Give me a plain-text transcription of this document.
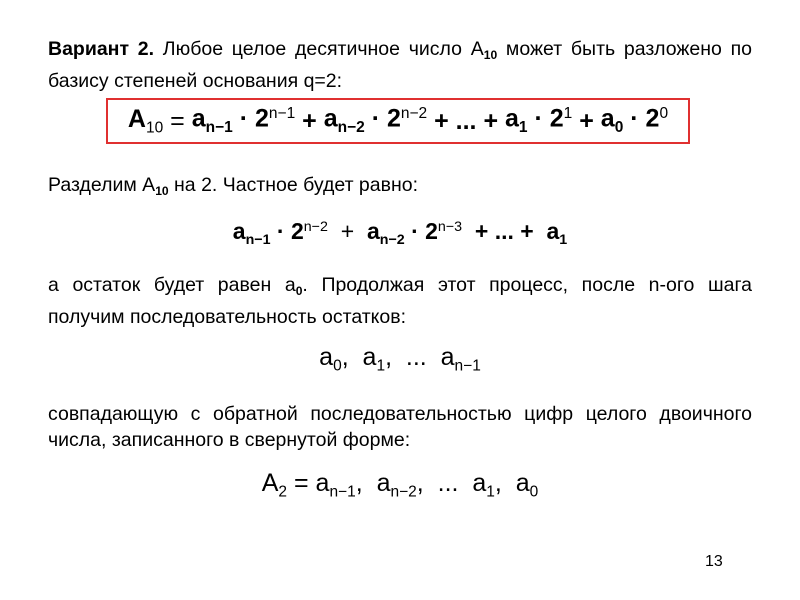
Вариант 2. Любое целое десятичное число $А_{10}$ может быть разложено по базису степеней основания q=2:
$A_{10} = a_{n-1} \cdot 2^{n-1} + a_{n-2} \cdot 2^{n-2}$ + ... + $a_1 \cdot 2^1 + a_0 \cdot 2^0$
Разделим $А_{10}$ на 2. Частное будет равно:
$a_{n-1} \cdot 2^{n-2} + a_{n-2} \cdot 2^{n-3}$  + ... +  $a_1$
а остаток будет равен $а_0$. Продолжая этот процесс, после n-ого шага получим последовательность остатков:
$a_0$,  $a_1$,  ...  $a_{n-1}$
совпадающую с обратной последовательностью цифр целого двоичного числа, записанного в свернутой форме:
$A_2 = a_{n-1}$,  $a_{n-2}$,  ...  $a_1$,  $a_0$
13
